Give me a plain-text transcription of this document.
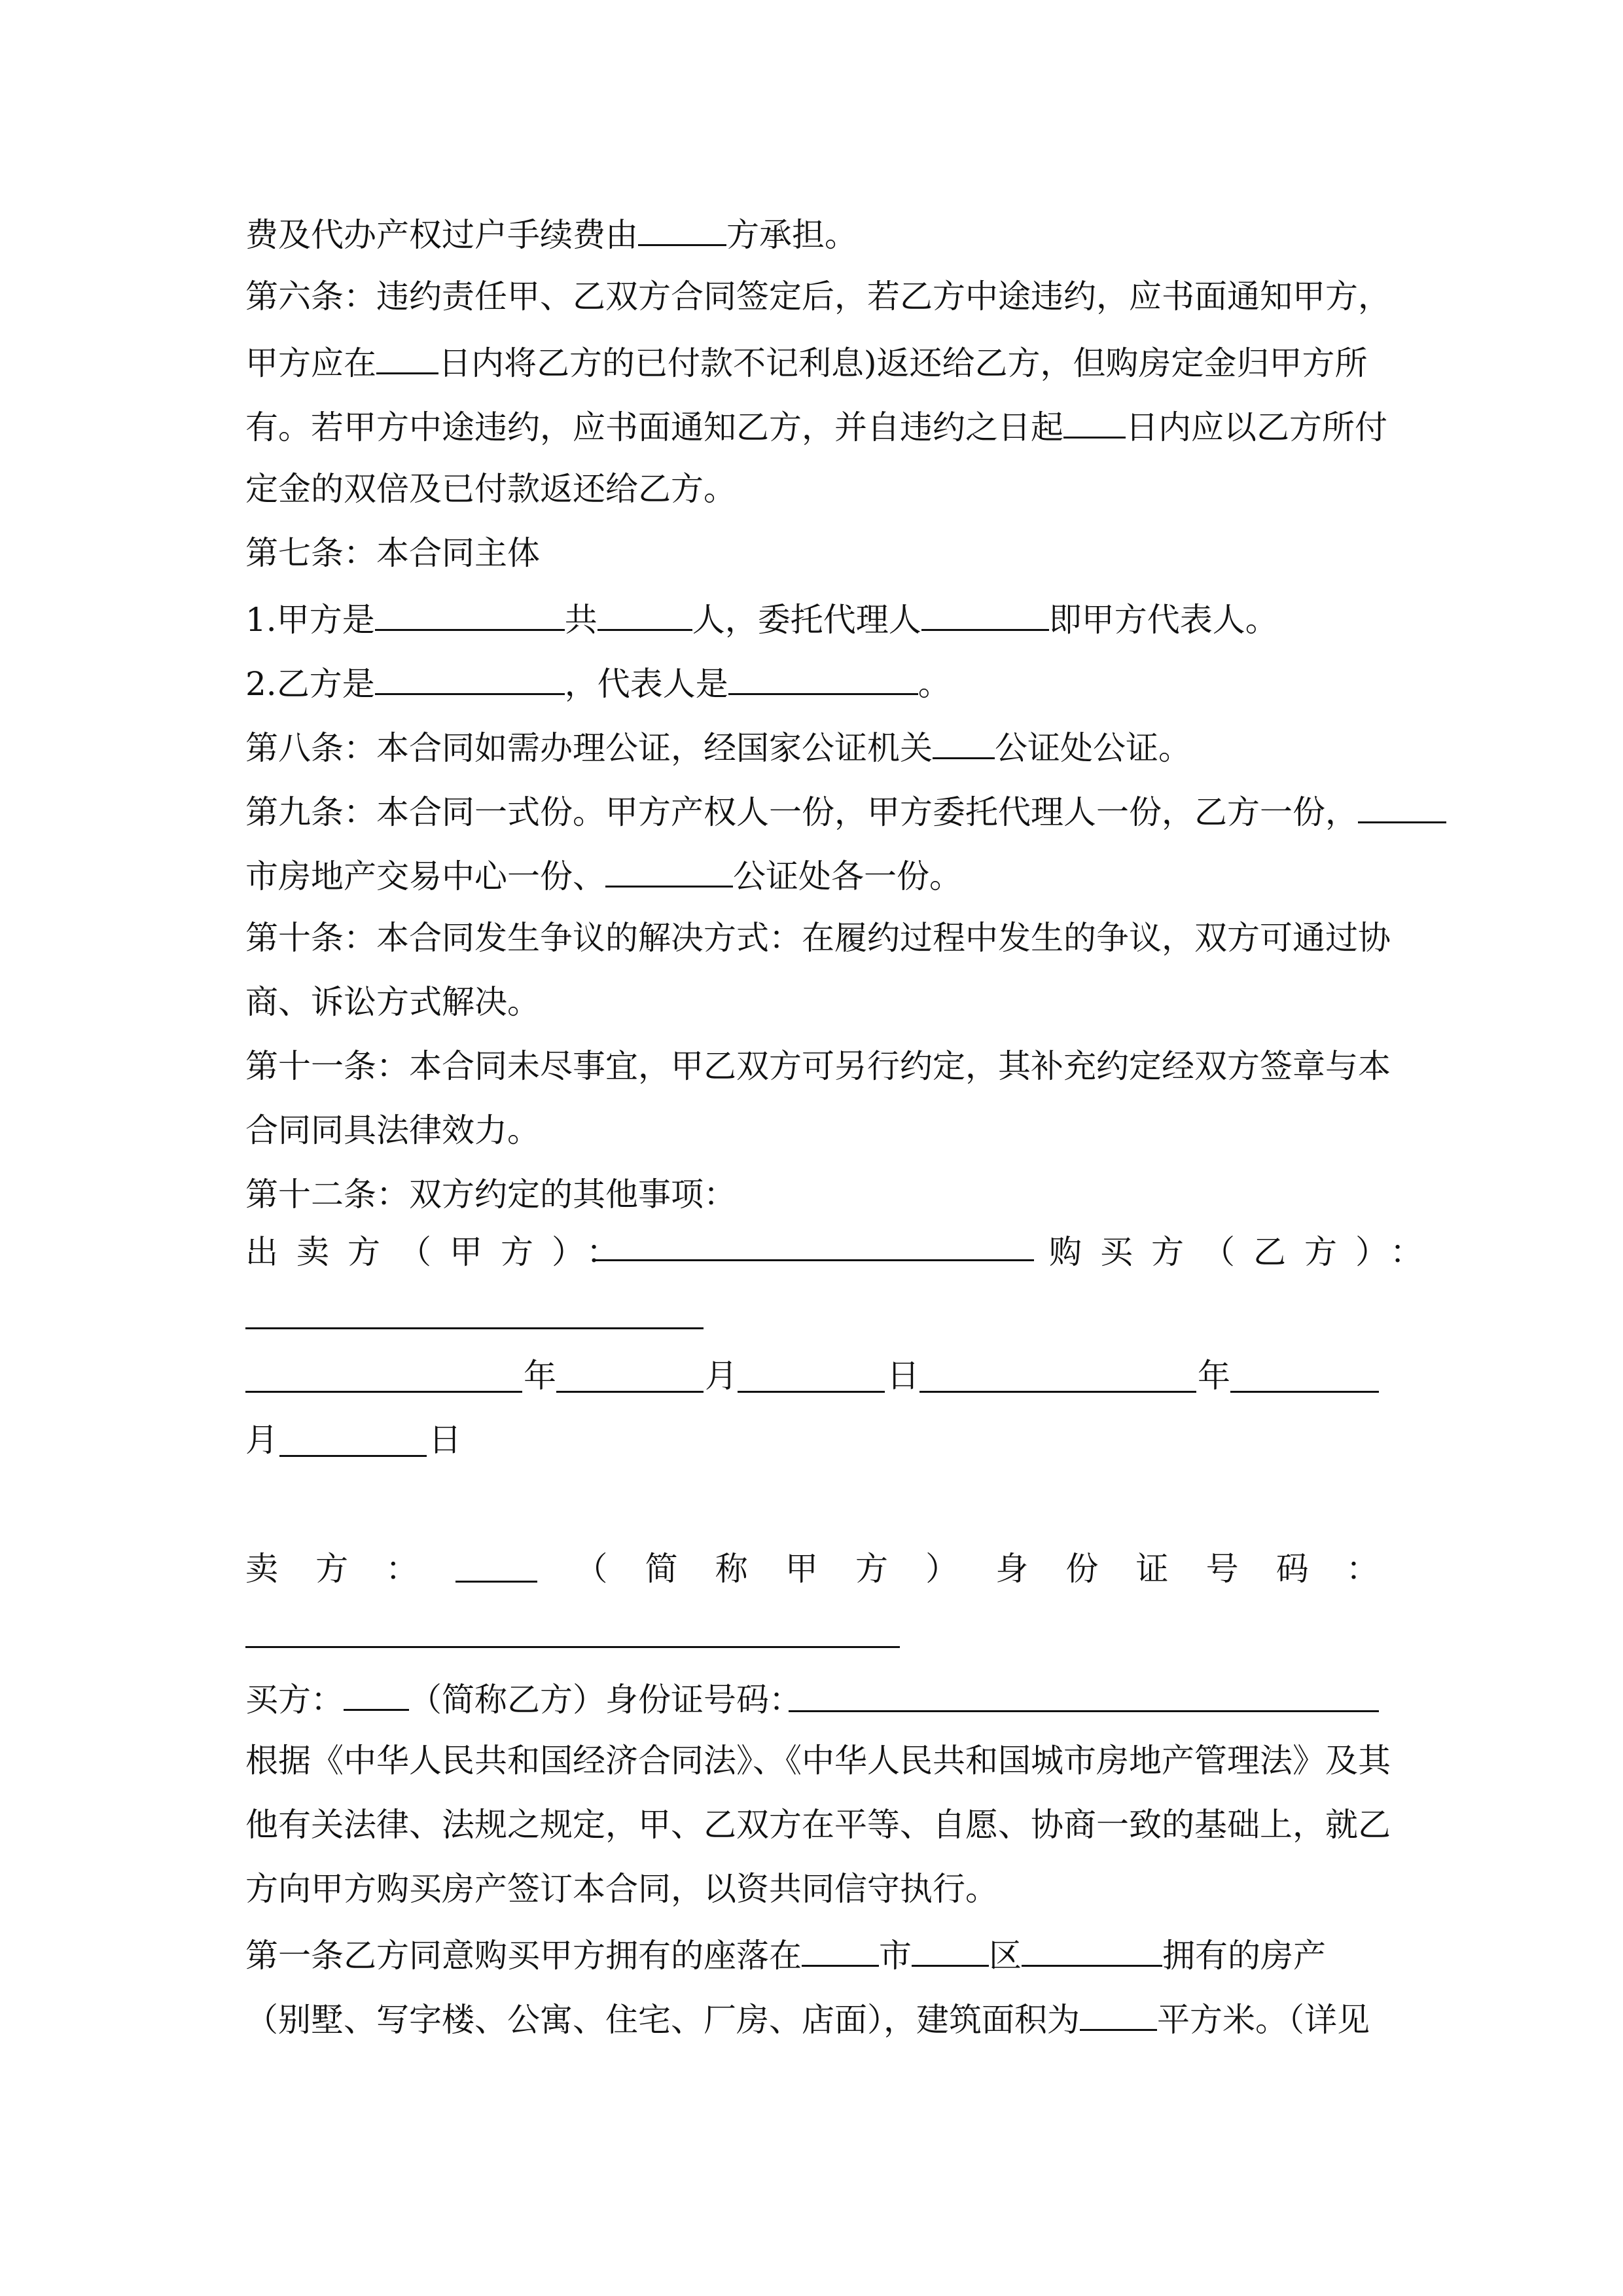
费及代办产权过户手续费由	方承担。
第六条：违约责任甲、乙双方合同签定后，若乙方中途违约，应书面通知甲方，
甲方应在 日内将乙方的已付款不记利息)返还给乙方，但购房定金归甲方所
有。若甲方中途违约，应书面通知乙方，并自违约之日起 日内应以乙方所付
定金的双倍及已付款返还给乙方。
第七条：本合同主体
1.甲方是	共	人，委托代理人	即甲方代表人。
2.乙方是	，代表人是	。
第八条：本合同如需办理公证，经国家公证机关 公证处公证。
第九条：本合同一式份。甲方产权人一份，甲方委托代理人一份，乙方一份，
市房地产交易中心一份、	公证处各一份。
第十条：本合同发生争议的解决方式：在履约过程中发生的争议，双方可通过协
商、诉讼方式解决。
第十一条：本合同未尽事宜，甲乙双方可另行约定，其补充约定经双方签章与本
合同同具法律效力。
第十二条：双方约定的其他事项：
出卖方（甲方）：	购买方（乙方）：
年	月	日	年
月	日
卖 方 ：	（ 简 称 甲 方 ） 身 份 证 号 码 ：
买方： （简称乙方）身份证号码：
根据《中华人民共和国经济合同法》、《中华人民共和国城市房地产管理法》及其
他有关法律、法规之规定，甲、乙双方在平等、自愿、协商一致的基础上，就乙
方向甲方购买房产签订本合同，以资共同信守执行。
第一条乙方同意购买甲方拥有的座落在 市 区	拥有的房产
（别墅、写字楼、公寓、住宅、厂房、店面），建筑面积为 平方米。（详见
